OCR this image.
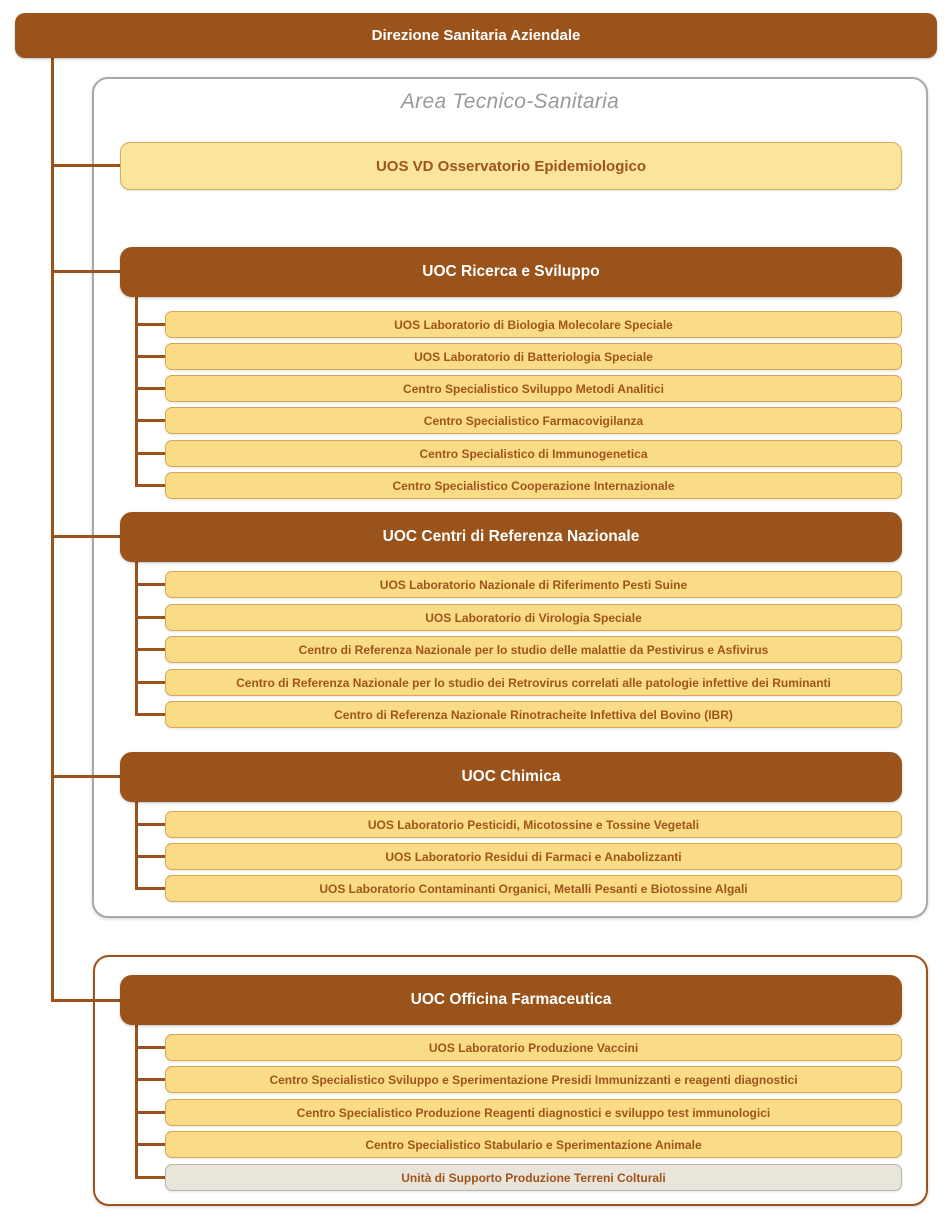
Area Tecnico-Sanitaria
Direzione Sanitaria Aziendale
UOS VD Osservatorio Epidemiologico
UOC Ricerca e Sviluppo
UOS Laboratorio di Biologia Molecolare Speciale
UOS Laboratorio di Batteriologia Speciale
Centro Specialistico Sviluppo Metodi Analitici
Centro Specialistico Farmacovigilanza
Centro Specialistico di Immunogenetica
Centro Specialistico Cooperazione Internazionale
UOC Centri di Referenza Nazionale
UOS Laboratorio Nazionale di Riferimento Pesti Suine
UOS Laboratorio di Virologia Speciale
Centro di Referenza Nazionale per lo studio delle malattie da Pestivirus e Asfivirus
Centro di Referenza Nazionale per lo studio dei Retrovirus correlati alle patologie infettive dei Ruminanti
Centro di Referenza Nazionale Rinotracheite Infettiva del Bovino (IBR)
UOC Chimica
UOS Laboratorio Pesticidi, Micotossine e Tossine Vegetali
UOS Laboratorio Residui di Farmaci e Anabolizzanti
UOS Laboratorio Contaminanti Organici, Metalli Pesanti e Biotossine Algali
UOC Officina Farmaceutica
UOS Laboratorio Produzione Vaccini
Centro Specialistico Sviluppo e Sperimentazione Presidi Immunizzanti e reagenti diagnostici
Centro Specialistico Produzione Reagenti diagnostici e sviluppo test immunologici
Centro Specialistico Stabulario e Sperimentazione Animale
Unità di Supporto Produzione Terreni Colturali
